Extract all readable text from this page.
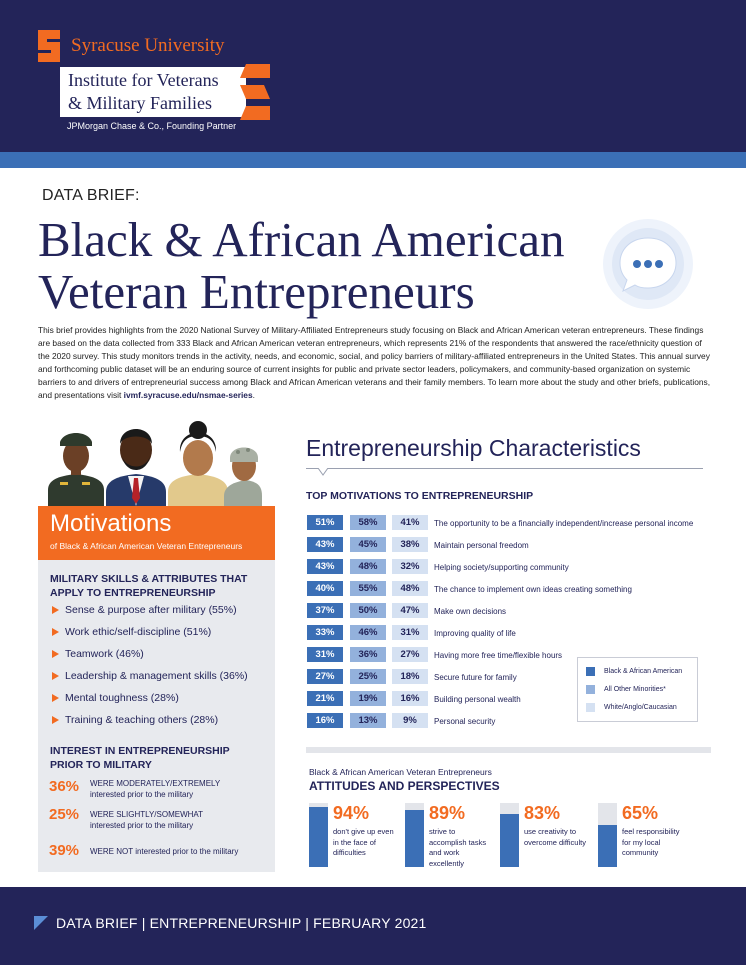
Syracuse University
Institute for Veterans
& Military Families
JPMorgan Chase & Co., Founding Partner
DATA BRIEF:
Black & African American
Veteran Entrepreneurs
This brief provides highlights from the 2020 National Survey of Military-Affiliated Entrepreneurs study focusing on Black and African American veteran entrepreneurs. These findings are based on the data collected from 333 Black and African American veteran entrepreneurs, which represents 21% of the respondents that answered the race/ethnicity question of the 2020 survey. This study monitors trends in the activity, needs, and economic, social, and policy barriers of military-affiliated entrepreneurs in the United States. This annual survey and forthcoming public dataset will be an enduring source of current insights for public and private sector leaders, policymakers, and community-based organization on systemic barriers to and drivers of entrepreneurial success among Black and African American veterans and their family members. To learn more about the study and other briefs, publications, and presentations visit ivmf.syracuse.edu/nsmae-series.
Motivations
of Black & African American Veteran Entrepreneurs
MILITARY SKILLS & ATTRIBUTES THAT
APPLY TO ENTREPRENEURSHIP
Sense & purpose after military (55%)
Work ethic/self-discipline (51%)
Teamwork (46%)
Leadership & management skills (36%)
Mental toughness (28%)
Training & teaching others (28%)
INTEREST IN ENTREPRENEURSHIP
PRIOR TO MILITARY
36% WERE MODERATELY/EXTREMELY
interested prior to the military
25% WERE SLIGHTLY/SOMEWHAT
interested prior to the military
39% WERE NOT interested prior to the military
Entrepreneurship Characteristics
TOP MOTIVATIONS TO ENTREPRENEURSHIP
51%	58%	41%	The opportunity to be a financially independent/increase personal income
43%	45%	38%	Maintain personal freedom
43%	48%	32%	Helping society/supporting community
40%	55%	48%	The chance to implement own ideas creating something
37%	50%	47%	Make own decisions
33%	46%	31%	Improving quality of life
31%	36%	27%	Having more free time/flexible hours
27%	25%	18%	Secure future for family
21%	19%	16%	Building personal wealth
16%	13%	9%	Personal security
Black & African American
All Other Minorities*
White/Anglo/Caucasian
Black & African American Veteran Entrepreneurs
ATTITUDES AND PERSPECTIVES
94%
don't give up even in the face of difficulties
89%
strive to accomplish tasks and work excellently
83%
use creativity to overcome difficulty
65%
feel responsibility for my local community
DATA BRIEF | ENTREPRENEURSHIP | FEBRUARY 2021
